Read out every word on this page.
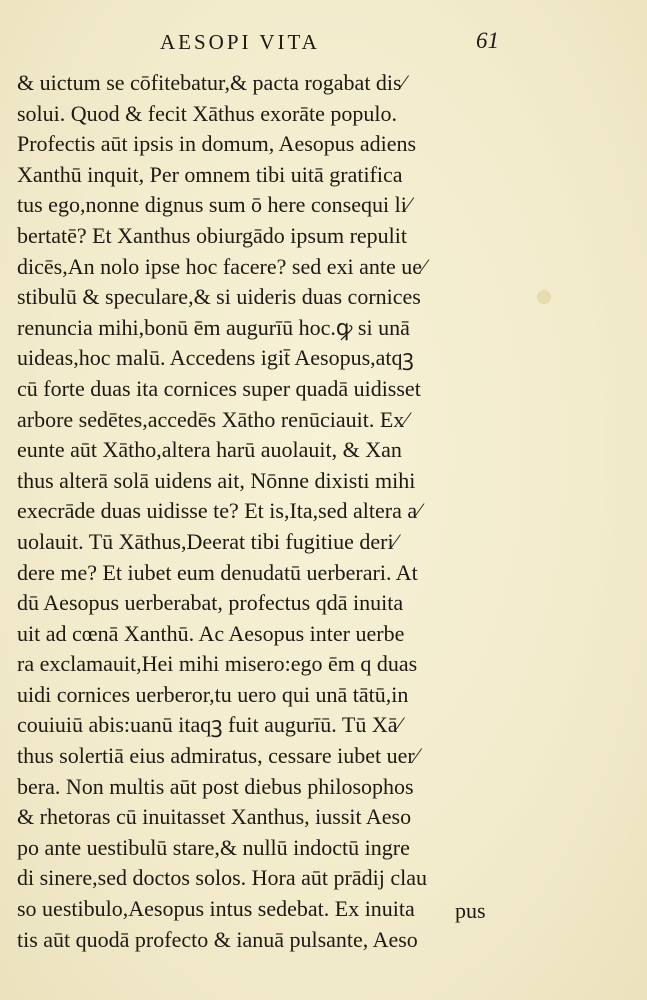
AESOPI VITA	61
& uictum se cōfitebatur,& pacta rogabat dis⁄
solui. Quod & fecit Xāthus exorāte populo.
Profectis aūt ipsis in domum, Aesopus adiens
Xanthū inquit, Per omnem tibi uitā gratifica
tus ego,nonne dignus sum ō here consequi li⁄
bertatē? Et Xanthus obiurgādo ipsum repulit
dicēs,An nolo ipse hoc facere? sed exi ante ue⁄
stibulū & speculare,& si uideris duas cornices
renuncia mihi,bonū ēm augurīū hoc.ꝙ si unā
uideas,hoc malū. Accedens igit̄ Aesopus,atqꝫ
cū forte duas ita cornices super quadā uidisset
arbore sedētes,accedēs Xātho renūciauit. Ex⁄
eunte aūt Xātho,altera harū auolauit, & Xan
thus alterā solā uidens ait, Nōnne dixisti mihi
execrāde duas uidisse te? Et is,Ita,sed altera a⁄
uolauit. Tū Xāthus,Deerat tibi fugitiue deri⁄
dere me? Et iubet eum denudatū uerberari. At
dū Aesopus uerberabat, profectus qdā inuita
uit ad cœnā Xanthū. Ac Aesopus inter uerbe
ra exclamauit,Hei mihi misero:ego ēm q duas
uidi cornices uerberor,tu uero qui unā tātū,in
couiuiū abis:uanū itaqꝫ fuit augurīū. Tū Xā⁄
thus solertiā eius admiratus, cessare iubet uer⁄
bera. Non multis aūt post diebus philosophos
& rhetoras cū inuitasset Xanthus, iussit Aeso
po ante uestibulū stare,& nullū indoctū ingre
di sinere,sed doctos solos. Hora aūt prādij clau
so uestibulo,Aesopus intus sedebat. Ex inuita
tis aūt quodā profecto & ianuā pulsante, Aeso
pus
